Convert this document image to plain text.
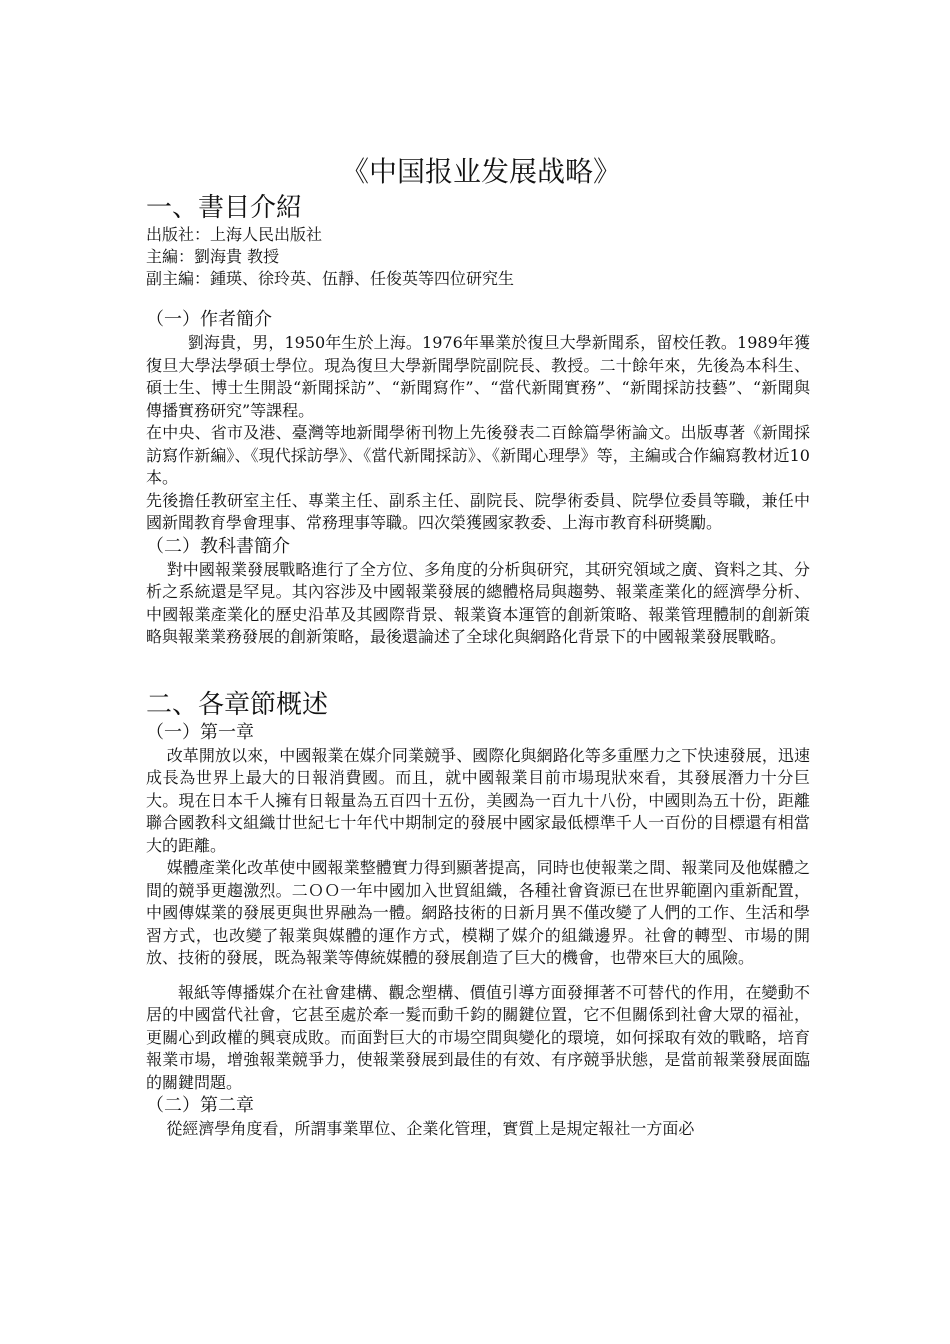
《中国报业发展战略》
一、書目介紹

出版社：上海人民出版社

主編：劉海貴 教授

副主編：鍾瑛、徐玲英、伍靜、任俊英等四位研究生

（一）作者簡介

劉海貴，男，1950年生於上海。1976年畢業於復旦大學新聞系，留校任教。1989年獲復旦大學法學碩士學位。現為復旦大學新聞學院副院長、教授。二十餘年來，先後為本科生、碩士生、博士生開設“新聞採訪”、“新聞寫作”、“當代新聞實務”、“新聞採訪技藝”、“新聞與傳播實務研究”等課程。

在中央、省市及港、臺灣等地新聞學術刊物上先後發表二百餘篇學術論文。出版專著《新聞採訪寫作新編》、《現代採訪學》、《當代新聞採訪》、《新聞心理學》等，主編或合作編寫教材近10本。

先後擔任教研室主任、專業主任、副系主任、副院長、院學術委員、院學位委員等職，兼任中國新聞教育學會理事、常務理事等職。四次榮獲國家教委、上海市教育科研獎勵。

（二）教科書簡介

對中國報業發展戰略進行了全方位、多角度的分析與研究，其研究領域之廣、資料之其、分析之系統還是罕見。其內容涉及中國報業發展的總體格局與趨勢、報業產業化的經濟學分析、中國報業產業化的歷史沿革及其國際背景、報業資本運管的創新策略、報業管理體制的創新策略與報業業務發展的創新策略，最後還論述了全球化與網路化背景下的中國報業發展戰略。

二、各章節概述
（一）第一章

改革開放以來，中國報業在媒介同業競爭、國際化與網路化等多重壓力之下快速發展，迅速成長為世界上最大的日報消費國。而且，就中國報業目前市場現狀來看，其發展潛力十分巨大。現在日本千人擁有日報量為五百四十五份，美國為一百九十八份，中國則為五十份，距離聯合國教科文組織廿世紀七十年代中期制定的發展中國家最低標準千人一百份的目標還有相當大的距離。

媒體產業化改革使中國報業整體實力得到顯著提高，同時也使報業之間、報業同及他媒體之間的競爭更趨激烈。二ＯＯ一年中國加入世貿組織，各種社會資源已在世界範圍內重新配置，中國傳媒業的發展更與世界融為一體。網路技術的日新月異不僅改變了人們的工作、生活和學習方式，也改變了報業與媒體的運作方式，模糊了媒介的組織邊界。社會的轉型、市場的開放、技術的發展，既為報業等傳統媒體的發展創造了巨大的機會，也帶來巨大的風險。

報紙等傳播媒介在社會建構、觀念塑構、價值引導方面發揮著不可替代的作用，在變動不居的中國當代社會，它甚至處於牽一髮而動千鈞的關鍵位置，它不但關係到社會大眾的福祉，更關心到政權的興衰成敗。而面對巨大的市場空間與變化的環境，如何採取有效的戰略，培育報業市場，增強報業競爭力，使報業發展到最佳的有效、有序競爭狀態，是當前報業發展面臨的關鍵問題。

（二）第二章

從經濟學角度看，所謂事業單位、企業化管理，實質上是規定報社一方面必
